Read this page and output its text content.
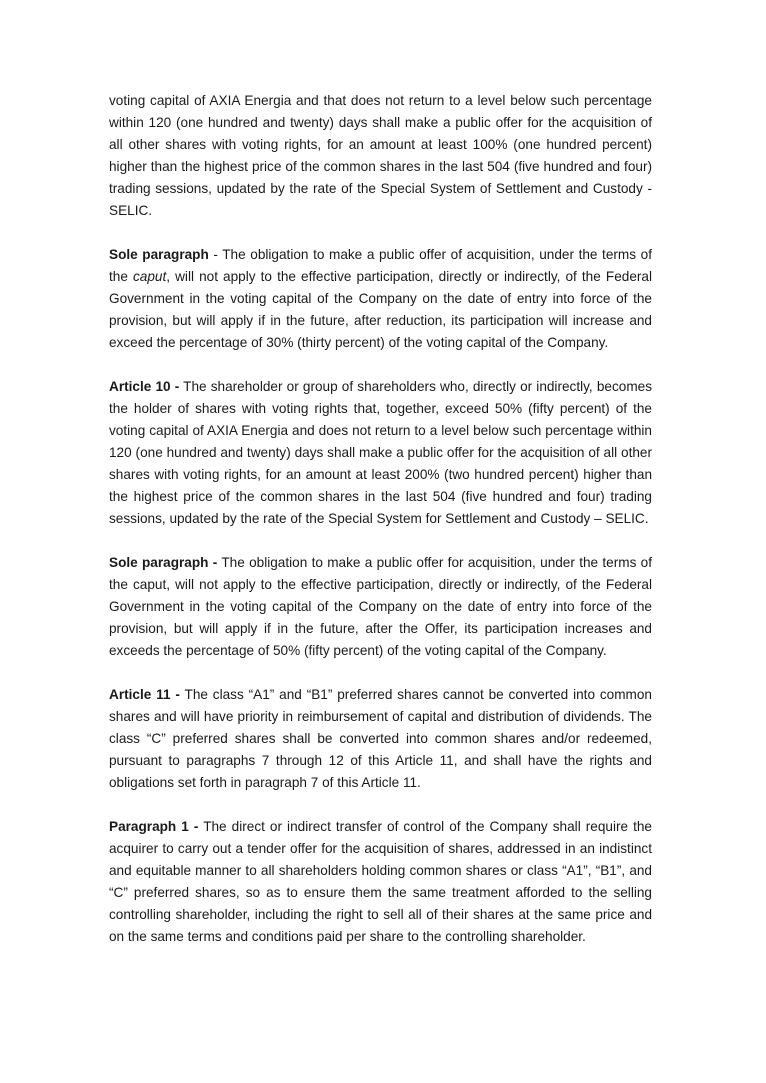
voting capital of AXIA Energia and that does not return to a level below such percentage within 120 (one hundred and twenty) days shall make a public offer for the acquisition of all other shares with voting rights, for an amount at least 100% (one hundred percent) higher than the highest price of the common shares in the last 504 (five hundred and four) trading sessions, updated by the rate of the Special System of Settlement and Custody - SELIC.

Sole paragraph - The obligation to make a public offer of acquisition, under the terms of the caput, will not apply to the effective participation, directly or indirectly, of the Federal Government in the voting capital of the Company on the date of entry into force of the provision, but will apply if in the future, after reduction, its participation will increase and exceed the percentage of 30% (thirty percent) of the voting capital of the Company.

Article 10 - The shareholder or group of shareholders who, directly or indirectly, becomes the holder of shares with voting rights that, together, exceed 50% (fifty percent) of the voting capital of AXIA Energia and does not return to a level below such percentage within 120 (one hundred and twenty) days shall make a public offer for the acquisition of all other shares with voting rights, for an amount at least 200% (two hundred percent) higher than the highest price of the common shares in the last 504 (five hundred and four) trading sessions, updated by the rate of the Special System for Settlement and Custody – SELIC.

Sole paragraph - The obligation to make a public offer for acquisition, under the terms of the caput, will not apply to the effective participation, directly or indirectly, of the Federal Government in the voting capital of the Company on the date of entry into force of the provision, but will apply if in the future, after the Offer, its participation increases and exceeds the percentage of 50% (fifty percent) of the voting capital of the Company.

Article 11 - The class “A1” and “B1” preferred shares cannot be converted into common shares and will have priority in reimbursement of capital and distribution of dividends. The class “C” preferred shares shall be converted into common shares and/or redeemed, pursuant to paragraphs 7 through 12 of this Article 11, and shall have the rights and obligations set forth in paragraph 7 of this Article 11.

Paragraph 1 - The direct or indirect transfer of control of the Company shall require the acquirer to carry out a tender offer for the acquisition of shares, addressed in an indistinct and equitable manner to all shareholders holding common shares or class “A1”, “B1”, and “C” preferred shares, so as to ensure them the same treatment afforded to the selling controlling shareholder, including the right to sell all of their shares at the same price and on the same terms and conditions paid per share to the controlling shareholder.
